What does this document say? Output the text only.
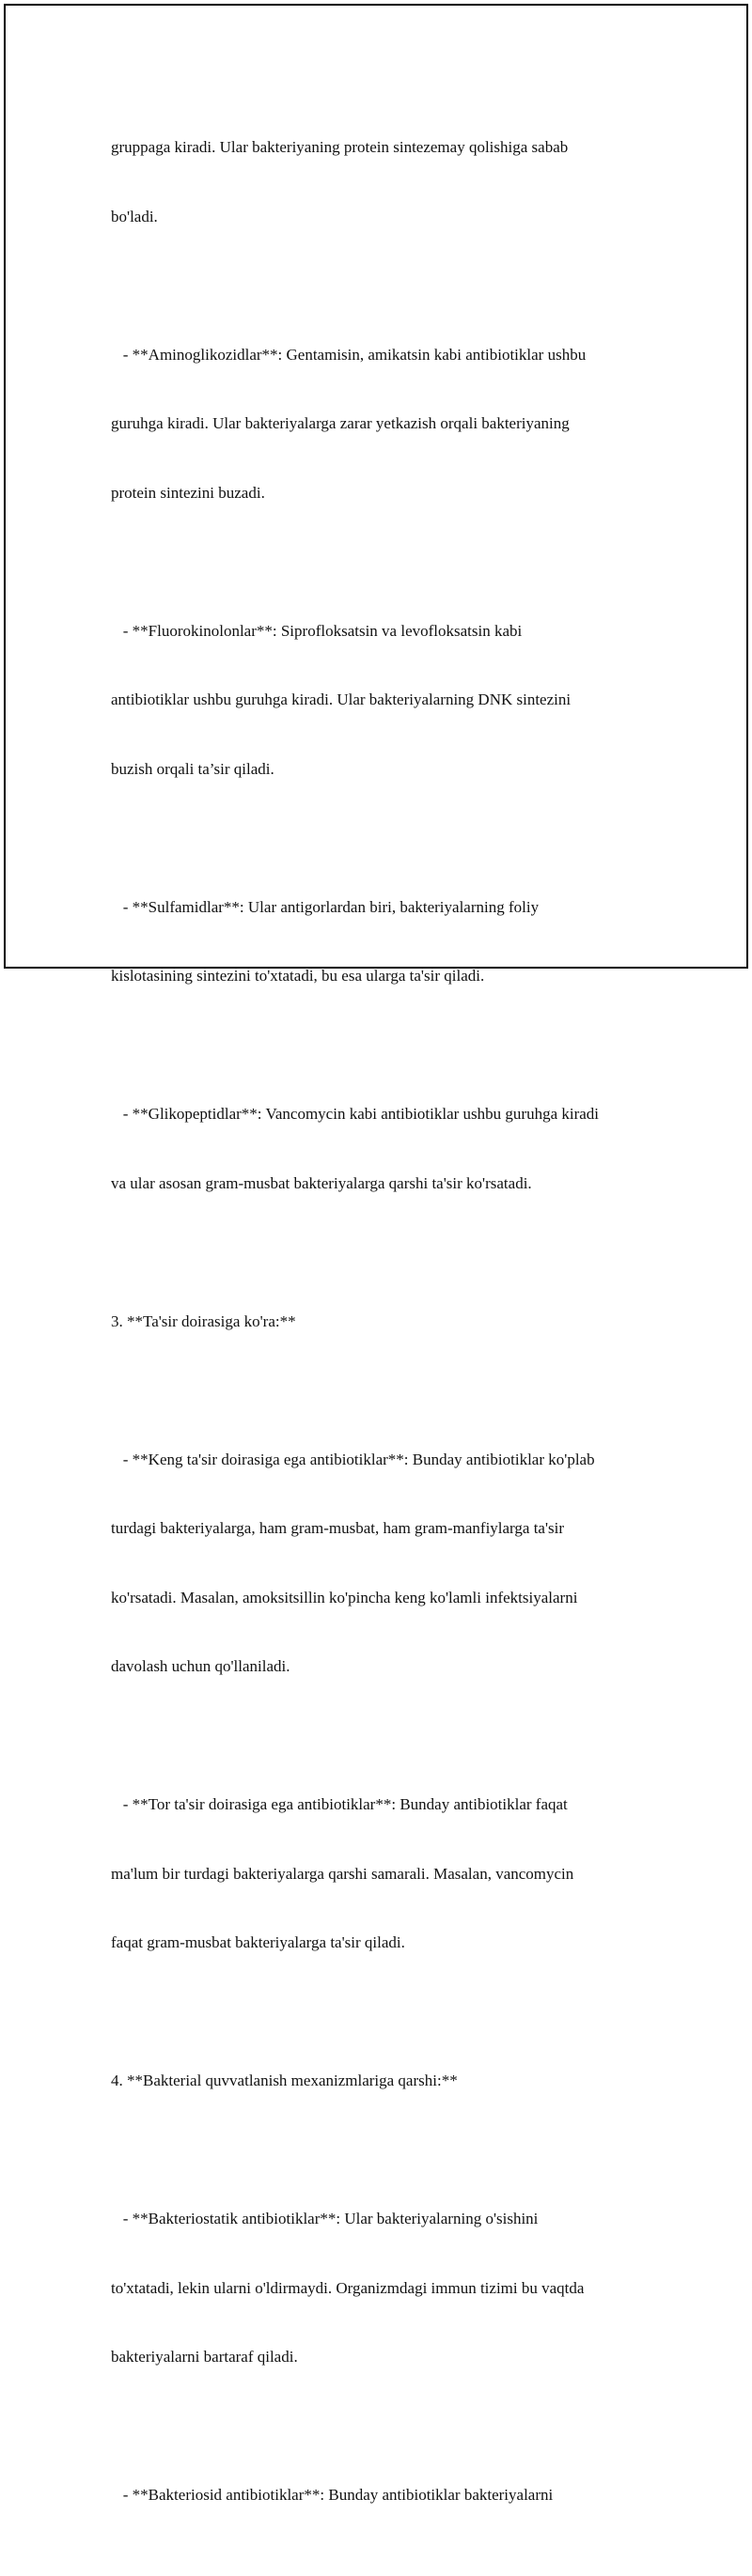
gruppaga kiradi. Ular bakteriyaning protein sintezemay qolishiga sabab

bo'ladi.

- **Aminoglikozidlar**: Gentamisin, amikatsin kabi antibiotiklar ushbu

guruhga kiradi. Ular bakteriyalarga zarar yetkazish orqali bakteriyaning

protein sintezini buzadi.

- **Fluorokinolonlar**: Siprofloksatsin va levofloksatsin kabi

antibiotiklar ushbu guruhga kiradi. Ular bakteriyalarning DNK sintezini

buzish orqali ta’sir qiladi.

- **Sulfamidlar**: Ular antigorlardan biri, bakteriyalarning foliy

kislotasining sintezini to'xtatadi, bu esa ularga ta'sir qiladi.

- **Glikopeptidlar**: Vancomycin kabi antibiotiklar ushbu guruhga kiradi

va ular asosan gram-musbat bakteriyalarga qarshi ta'sir ko'rsatadi.

3. **Ta'sir doirasiga ko'ra:**

- **Keng ta'sir doirasiga ega antibiotiklar**: Bunday antibiotiklar ko'plab

turdagi bakteriyalarga, ham gram-musbat, ham gram-manfiylarga ta'sir

ko'rsatadi. Masalan, amoksitsillin ko'pincha keng ko'lamli infektsiyalarni

davolash uchun qo'llaniladi.

- **Tor ta'sir doirasiga ega antibiotiklar**: Bunday antibiotiklar faqat

ma'lum bir turdagi bakteriyalarga qarshi samarali. Masalan, vancomycin

faqat gram-musbat bakteriyalarga ta'sir qiladi.

4. **Bakterial quvvatlanish mexanizmlariga qarshi:**

- **Bakteriostatik antibiotiklar**: Ular bakteriyalarning o'sishini

to'xtatadi, lekin ularni o'ldirmaydi. Organizmdagi immun tizimi bu vaqtda

bakteriyalarni bartaraf qiladi.

- **Bakteriosid antibiotiklar**: Bunday antibiotiklar bakteriyalarni
